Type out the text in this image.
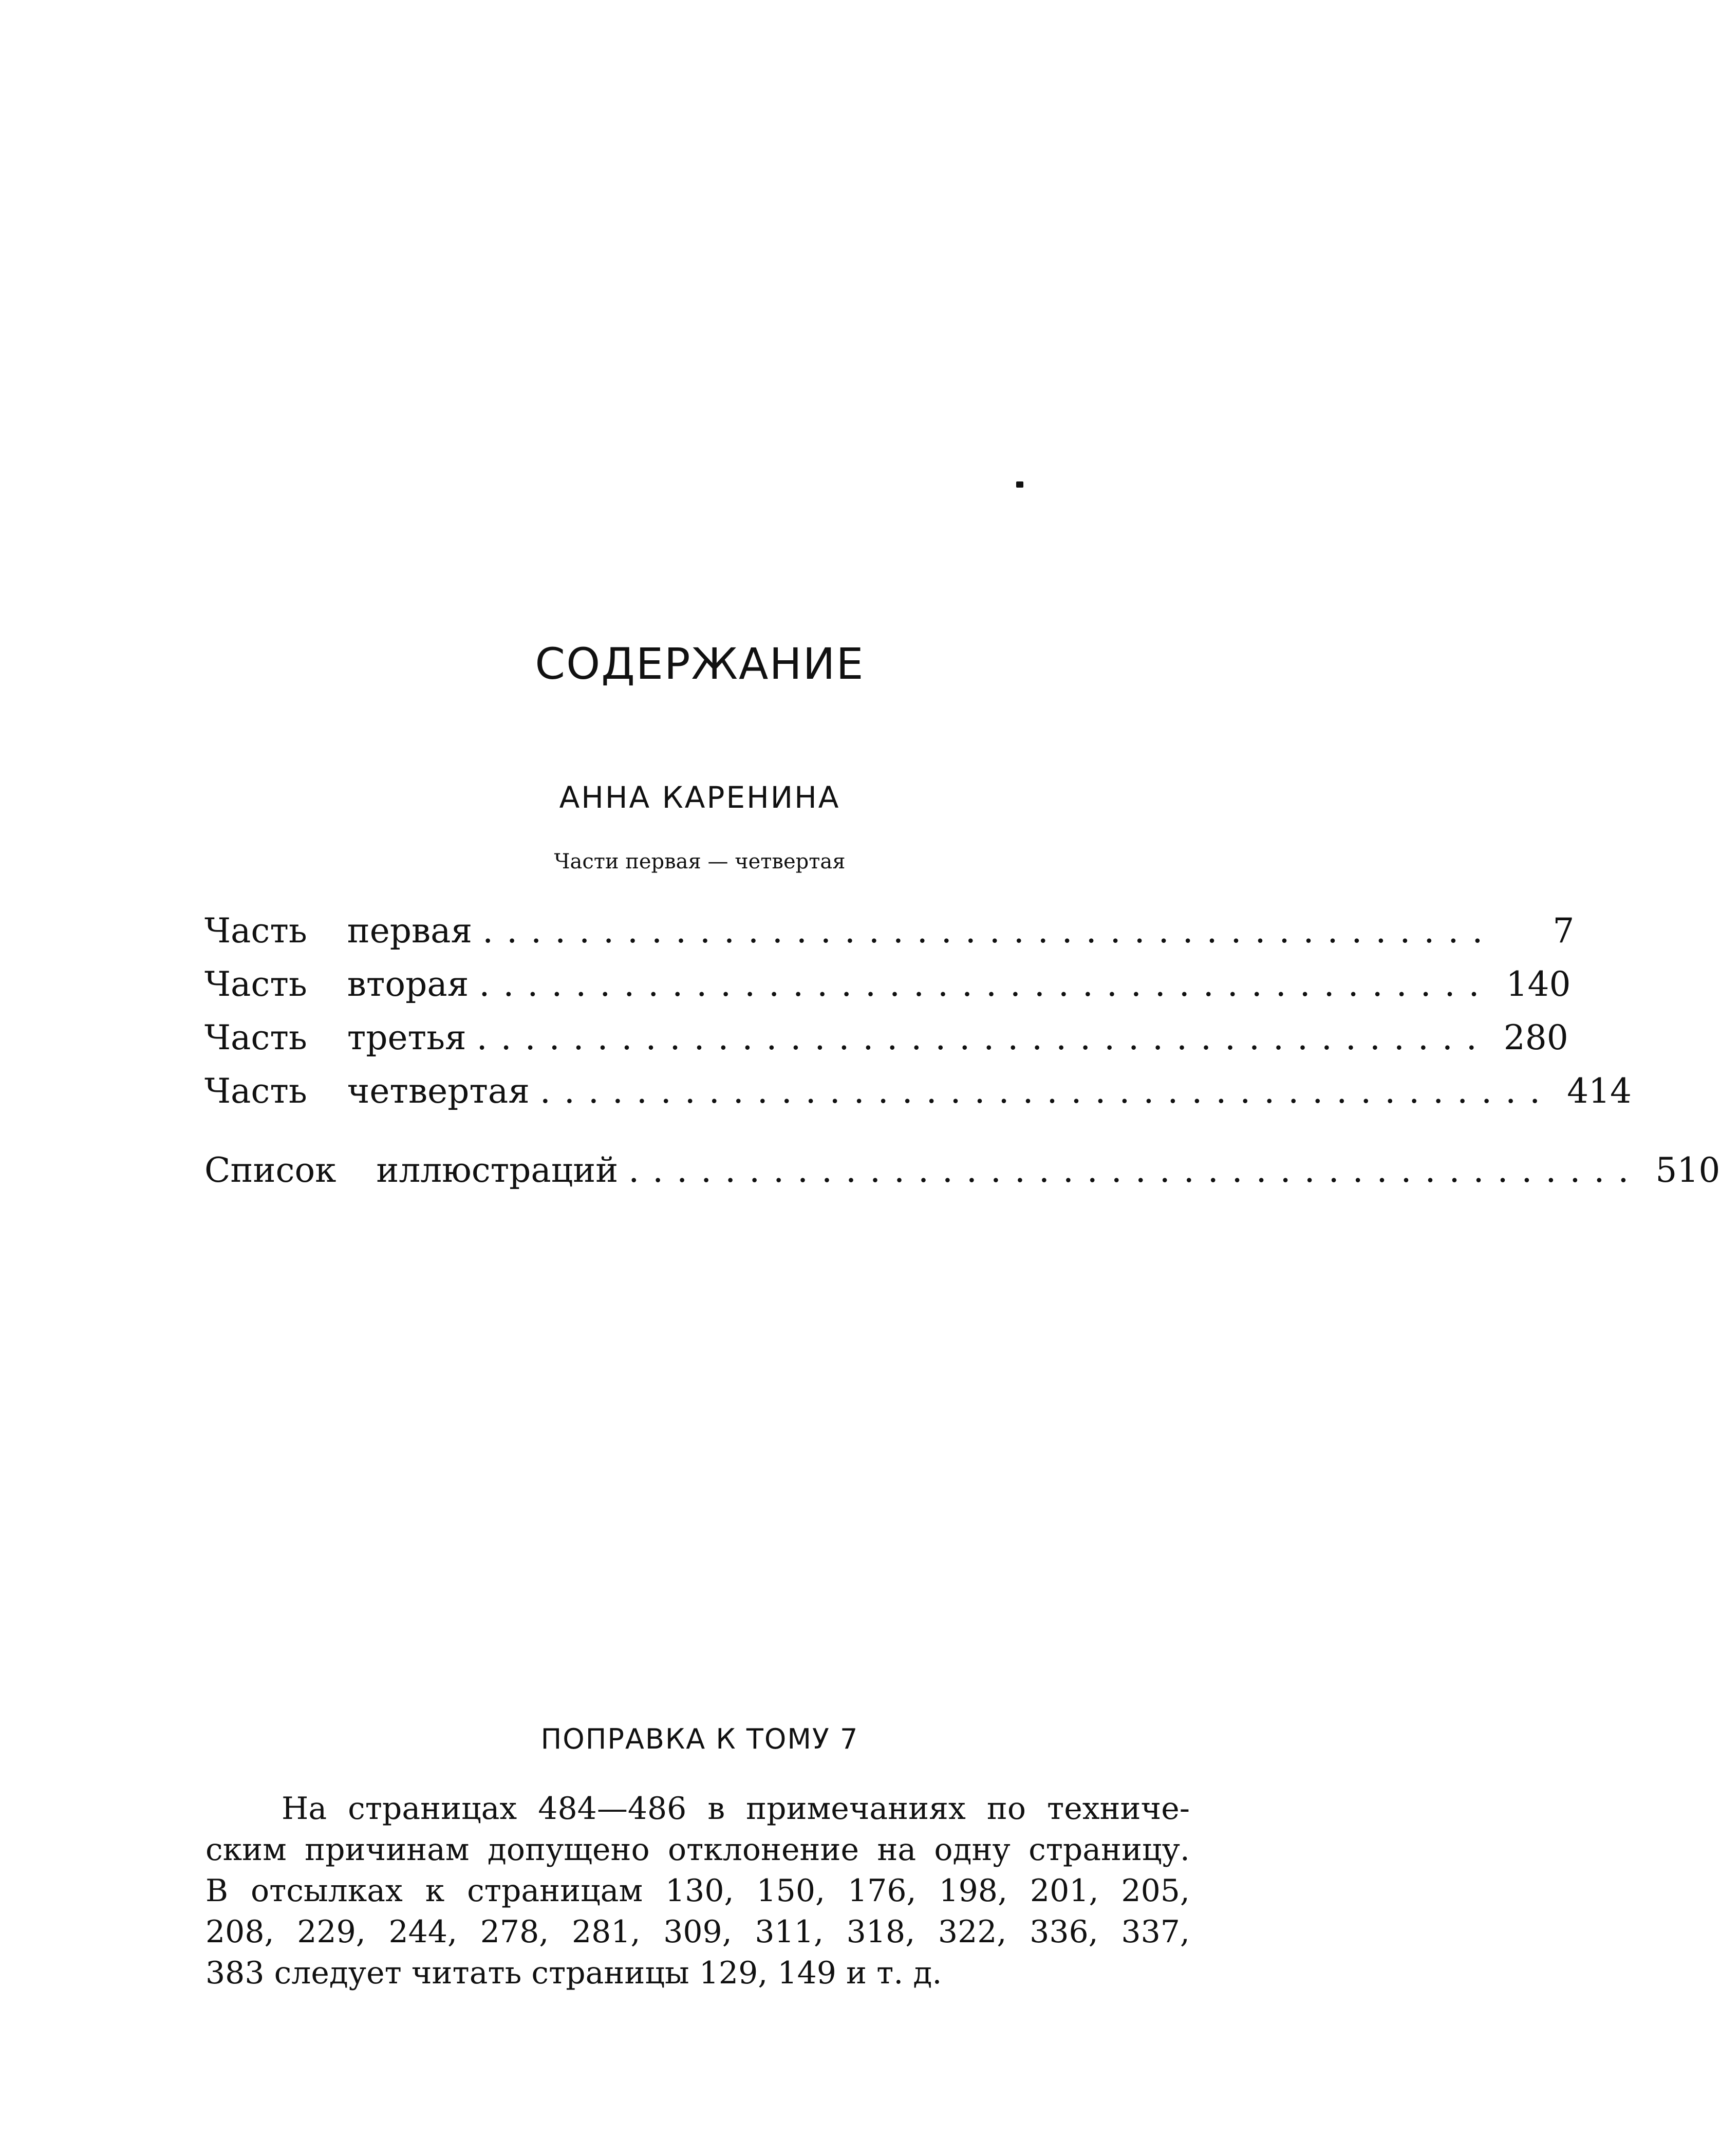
СОДЕРЖАНИЕ
АННА КАРЕНИНА
Части первая — четвертая
Часть  первая ..........................................	7
Часть  вторая .......................................... 140
Часть  третья .......................................... 280
Часть  четвертая .......................................... 414
Список  иллюстраций .......................................... 510
ПОПРАВКА К ТОМУ 7
На страницах 484—486 в примечаниях по техниче-
ским причинам допущено отклонение на одну страницу.
В отсылках к страницам 130, 150, 176, 198, 201, 205,
208, 229, 244, 278, 281, 309, 311, 318, 322, 336, 337,
383 следует читать страницы 129, 149 и т. д.
